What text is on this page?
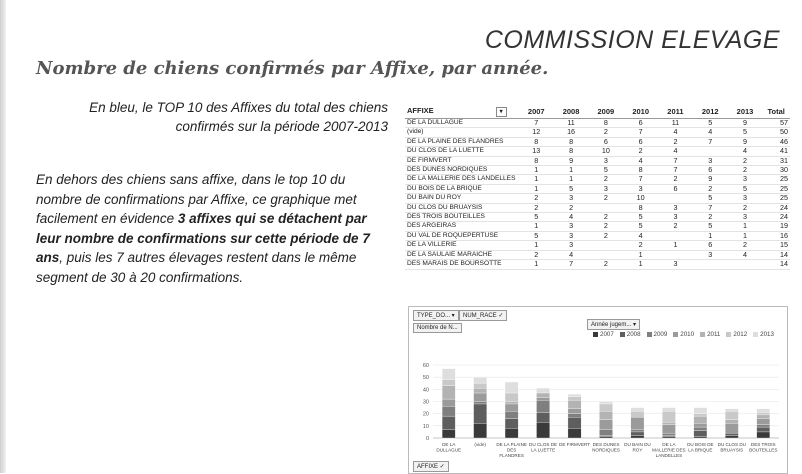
COMMISSION ELEVAGE
Nombre de chiens confirmés par Affixe, par année.
En bleu, le TOP 10 des Affixes du total des chiens confirmés sur la période 2007-2013
En dehors des chiens sans affixe, dans le top 10 du nombre de confirmations par Affixe, ce graphique met facilement en évidence 3 affixes qui se détachent par leur nombre de confirmations sur cette période de 7 ans, puis les 7 autres élevages restent dans le même segment de 30 à 20 confirmations.
AFFIXE ▾	2007	2008	2009	2010	2011	2012	2013	Total
DE LA DULLAGUE	7	11	8	6	11	5	9	57
(vide)	12	16	2	7	4	4	5	50
DE LA PLAINE DES FLANDRES	8	8	6	6	2	7	9	46
DU CLOS DE LA LUETTE	13	8	10	2	4		4	41
DE FIRMVERT	8	9	3	4	7	3	2	31
DES DUNES NORDIQUES	1	1	5	8	7	6	2	30
DE LA MALLERIE DES LANDELLES	1	1	2	7	2	9	3	25
DU BOIS DE LA BRIQUE	1	5	3	3	6	2	5	25
DU BAIN DU ROY	2	3	2	10		5	3	25
DU CLOS DU BRUAYSIS	2	2		8	3	7	2	24
DES TROIS BOUTEILLES	5	4	2	5	3	2	3	24
DES ARGEIRAS	1	3	2	5	2	5	1	19
DU VAL DE ROQUEPERTUSE	5	3	2	4		1	1	16
DE LA VILLERIE	1	3		2	1	6	2	15
DE LA SAULAIE MARAICHE	2	4		1		3	4	14
DES MARAIS DE BOURSOTTE	1	7	2	1	3			14
TYPE_DO... ▾	NUM_RACE ✓
Nombre de N...	Année jugem... ▾
2007 2008 2009 2010 2011 2012 2013
60
50
40
30
20
10
0
DE LA
DULLAGUE
(vide) DE LA PLAINE
DES
FLANDRES
DU CLOS DE
LA LUETTE
DE FIRMVERT DES DUNES
NORDIQUES
DU BAIN DU
ROY
DE LA
MALLERIE DES
LANDELLES
DU BOIS DE
LA BRIQUE
DU CLOS DU
BRUAYSIS
DES TROIS
BOUTEILLES
AFFIXE ✓
